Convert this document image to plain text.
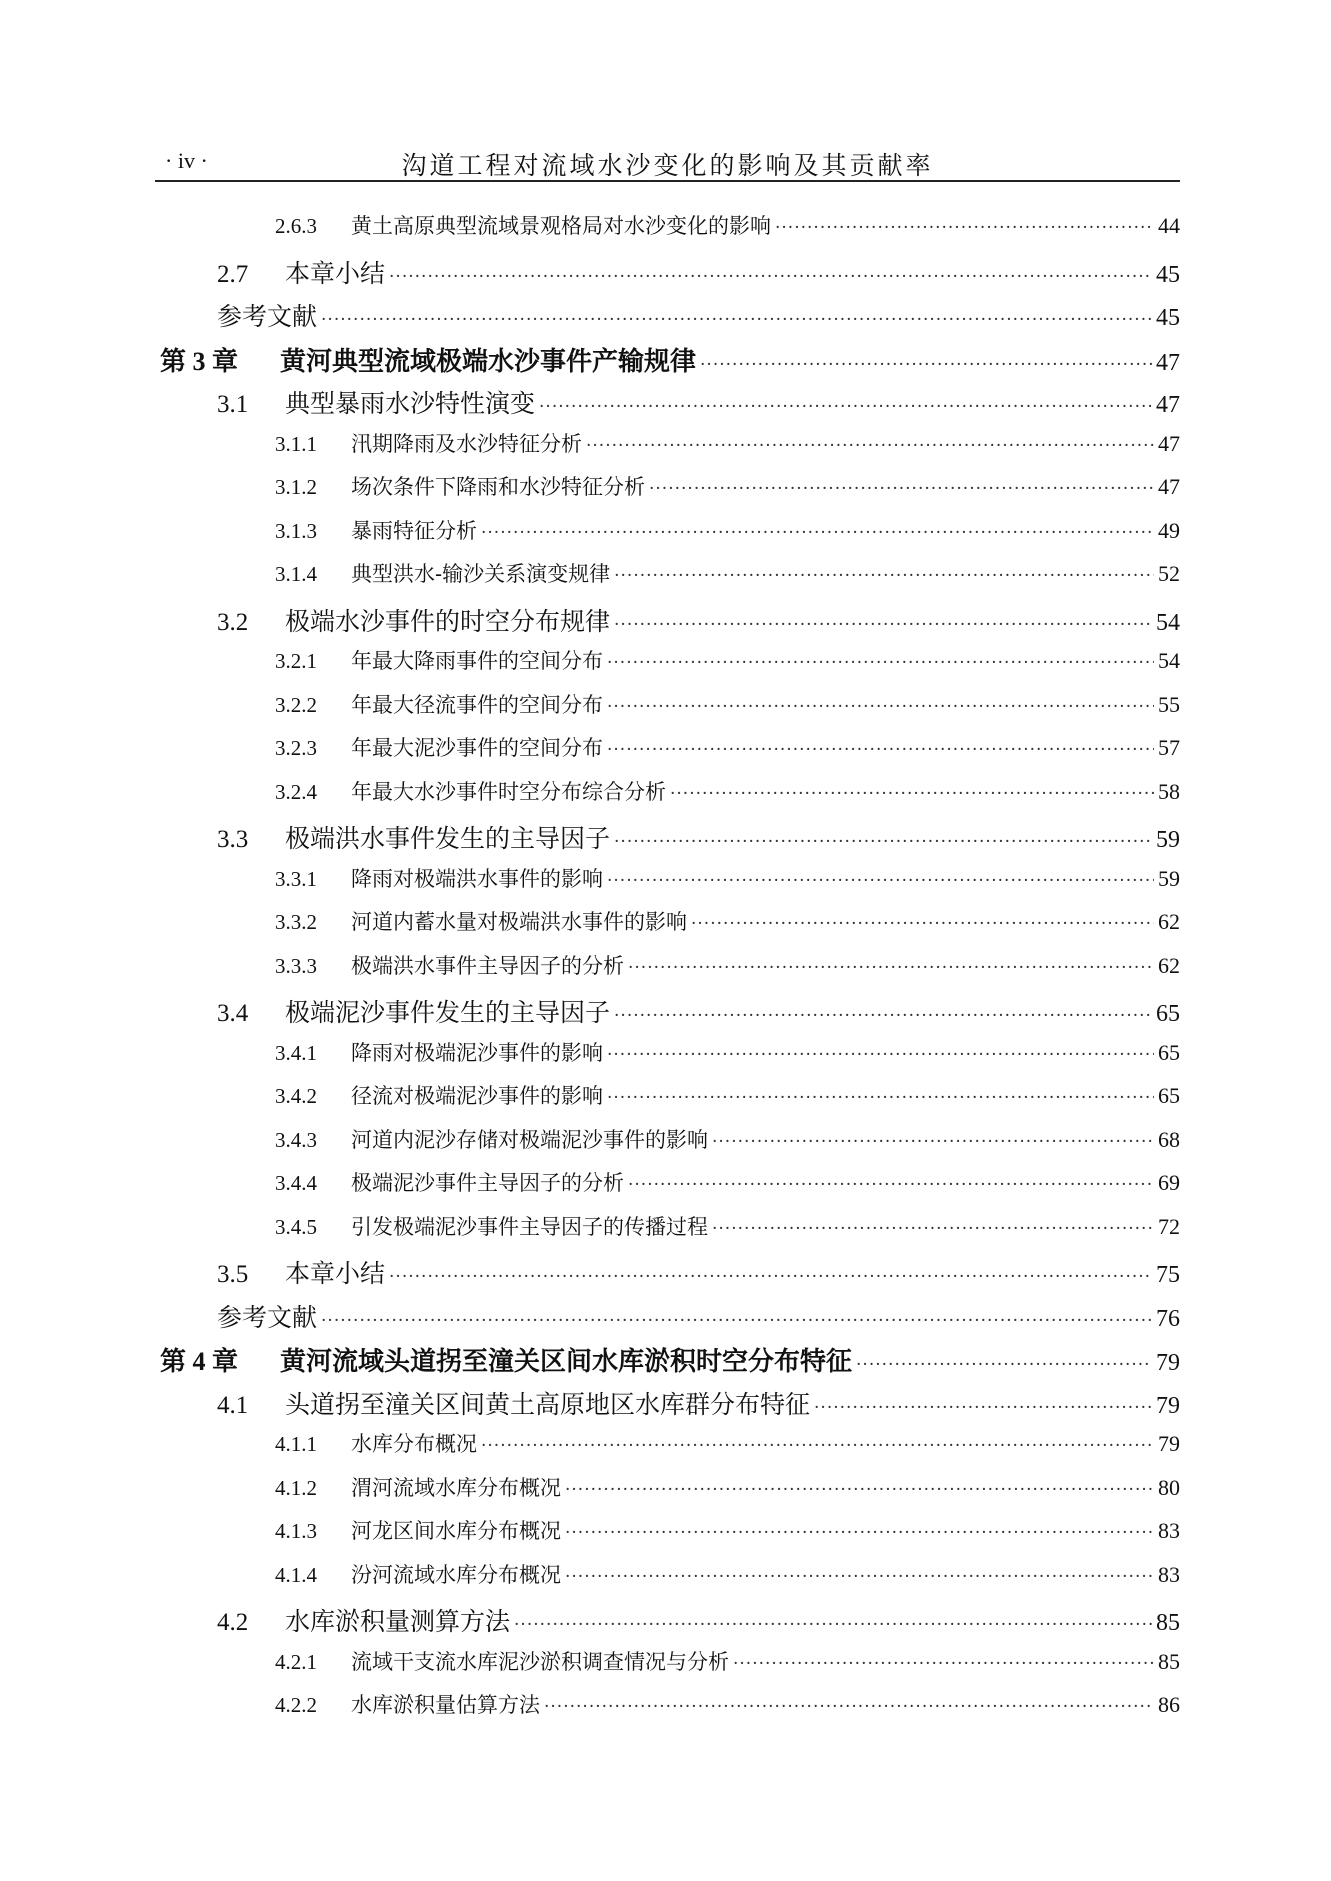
· iv ·	沟道工程对流域水沙变化的影响及其贡献率
2.6.3	黄土高原典型流域景观格局对水沙变化的影响 ·····	44
2.7	本章小结 ·····	45
参考文献 ·····	45
第 3 章	黄河典型流域极端水沙事件产输规律 ·····	47
3.1	典型暴雨水沙特性演变 ·····	47
3.1.1	汛期降雨及水沙特征分析 ·····	47
3.1.2	场次条件下降雨和水沙特征分析 ·····	47
3.1.3	暴雨特征分析 ·····	49
3.1.4	典型洪水-输沙关系演变规律 ·····	52
3.2	极端水沙事件的时空分布规律 ·····	54
3.2.1	年最大降雨事件的空间分布 ·····	54
3.2.2	年最大径流事件的空间分布 ·····	55
3.2.3	年最大泥沙事件的空间分布 ·····	57
3.2.4	年最大水沙事件时空分布综合分析 ·····	58
3.3	极端洪水事件发生的主导因子 ·····	59
3.3.1	降雨对极端洪水事件的影响 ·····	59
3.3.2	河道内蓄水量对极端洪水事件的影响 ·····	62
3.3.3	极端洪水事件主导因子的分析 ·····	62
3.4	极端泥沙事件发生的主导因子 ·····	65
3.4.1	降雨对极端泥沙事件的影响 ·····	65
3.4.2	径流对极端泥沙事件的影响 ·····	65
3.4.3	河道内泥沙存储对极端泥沙事件的影响 ·····	68
3.4.4	极端泥沙事件主导因子的分析 ·····	69
3.4.5	引发极端泥沙事件主导因子的传播过程 ·····	72
3.5	本章小结 ·····	75
参考文献 ·····	76
第 4 章	黄河流域头道拐至潼关区间水库淤积时空分布特征 ·····	79
4.1	头道拐至潼关区间黄土高原地区水库群分布特征 ·····	79
4.1.1	水库分布概况 ·····	79
4.1.2	渭河流域水库分布概况 ·····	80
4.1.3	河龙区间水库分布概况 ·····	83
4.1.4	汾河流域水库分布概况 ·····	83
4.2	水库淤积量测算方法 ·····	85
4.2.1	流域干支流水库泥沙淤积调查情况与分析 ·····	85
4.2.2	水库淤积量估算方法 ·····	86
